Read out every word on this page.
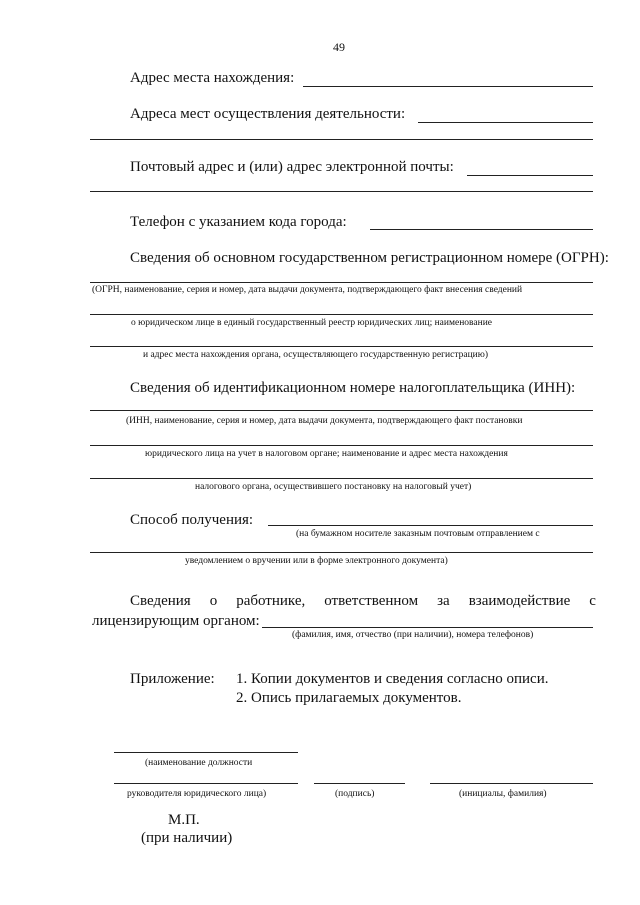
49
Адрес места нахождения:
Адреса мест осуществления деятельности:
Почтовый адрес и (или) адрес электронной почты:
Телефон с указанием кода города:
Сведения об основном государственном регистрационном номере (ОГРН):
(ОГРН, наименование, серия и номер, дата выдачи документа, подтверждающего факт внесения сведений
о юридическом лице в единый государственный реестр юридических лиц; наименование
и адрес места нахождения органа, осуществляющего государственную регистрацию)
Сведения об идентификационном номере налогоплательщика (ИНН):
(ИНН, наименование, серия и номер, дата выдачи документа, подтверждающего факт постановки
юридического лица на учет в налоговом органе; наименование и адрес места нахождения
налогового органа, осуществившего постановку на налоговый учет)
Способ получения:
(на бумажном носителе заказным почтовым отправлением с
уведомлением о вручении или в форме электронного документа)
Сведения о работнике, ответственном за взаимодействие с
лицензирующим органом:
(фамилия, имя, отчество (при наличии), номера телефонов)
Приложение: 1. Копии документов и сведения согласно описи.
2. Опись прилагаемых документов.
(наименование должности
руководителя юридического лица)	(подпись)	(инициалы, фамилия)
М.П.
(при наличии)
